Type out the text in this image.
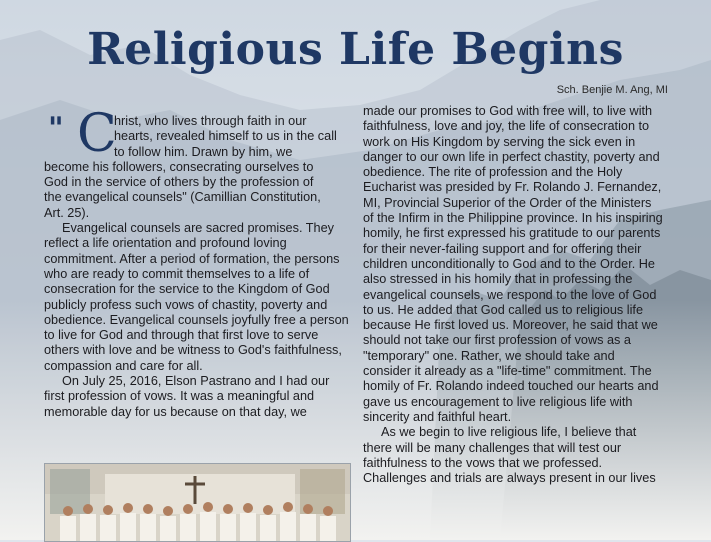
Religious Life Begins
Sch. Benjie M. Ang, MI
" C
hrist, who lives through faith in our
hearts, revealed himself to us in the call
to follow him. Drawn by him, we
become his followers, consecrating ourselves to
God in the service of others by the profession of
the evangelical counsels" (Camillian Constitution,
Art. 25).

Evangelical counsels are sacred promises. They reflect a life orientation and profound loving commitment. After a period of formation, the persons who are ready to commit themselves to a life of consecration for the service to the Kingdom of God publicly profess such vows of chastity, poverty and obedience. Evangelical counsels joyfully free a person to live for God and through that first love to serve others with love and be witness to God's faithfulness, compassion and care for all.

On July 25, 2016, Elson Pastrano and I had our first profession of vows. It was a meaningful and memorable day for us because on that day, we

made our promises to God with free will, to live with faithfulness, love and joy, the life of consecration to work on His Kingdom by serving the sick even in danger to our own life in perfect chastity, poverty and obedience. The rite of profession and the Holy Eucharist was presided by Fr. Rolando J. Fernandez, MI, Provincial Superior of the Order of the Ministers of the Infirm in the Philippine province. In his inspiring homily, he first expressed his gratitude to our parents for their never-failing support and for offering their children unconditionally to God and to the Order. He also stressed in his homily that in professing the evangelical counsels, we respond to the love of God to us. He added that God called us to religious life because He first loved us. Moreover, he said that we should not take our first profession of vows as a "temporary" one. Rather, we should take and consider it already as a "life-time" commitment. The homily of Fr. Rolando indeed touched our hearts and gave us encouragement to live religious life with sincerity and faithful heart.

As we begin to live religious life, I believe that there will be many challenges that will test our faithfulness to the vows that we professed. Challenges and trials are always present in our lives
